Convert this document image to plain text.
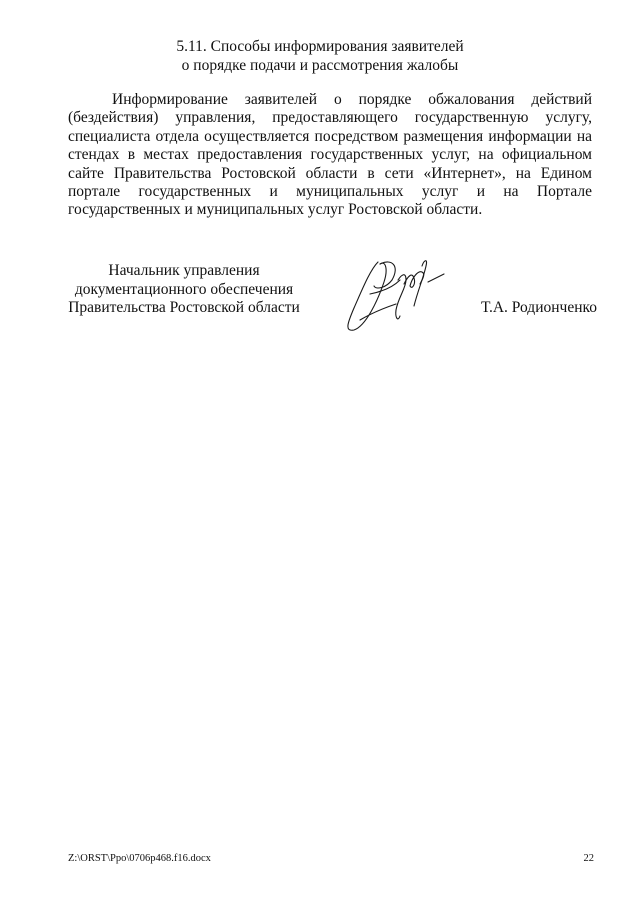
5.11. Способы информирования заявителей
о порядке подачи и рассмотрения жалобы

Информирование заявителей о порядке обжалования действий (бездействия) управления, предоставляющего государственную услугу, специалиста отдела осуществляется посредством размещения информации на стендах в местах предоставления государственных услуг, на официальном сайте Правительства Ростовской области в сети «Интернет», на Едином портале государственных и муниципальных услуг и на Портале государственных и муниципальных услуг Ростовской области.

Начальник управления
документационного обеспечения
Правительства Ростовской области	Т.А. Родионченко
Z:\ORST\Ppo\0706p468.f16.docx	22
